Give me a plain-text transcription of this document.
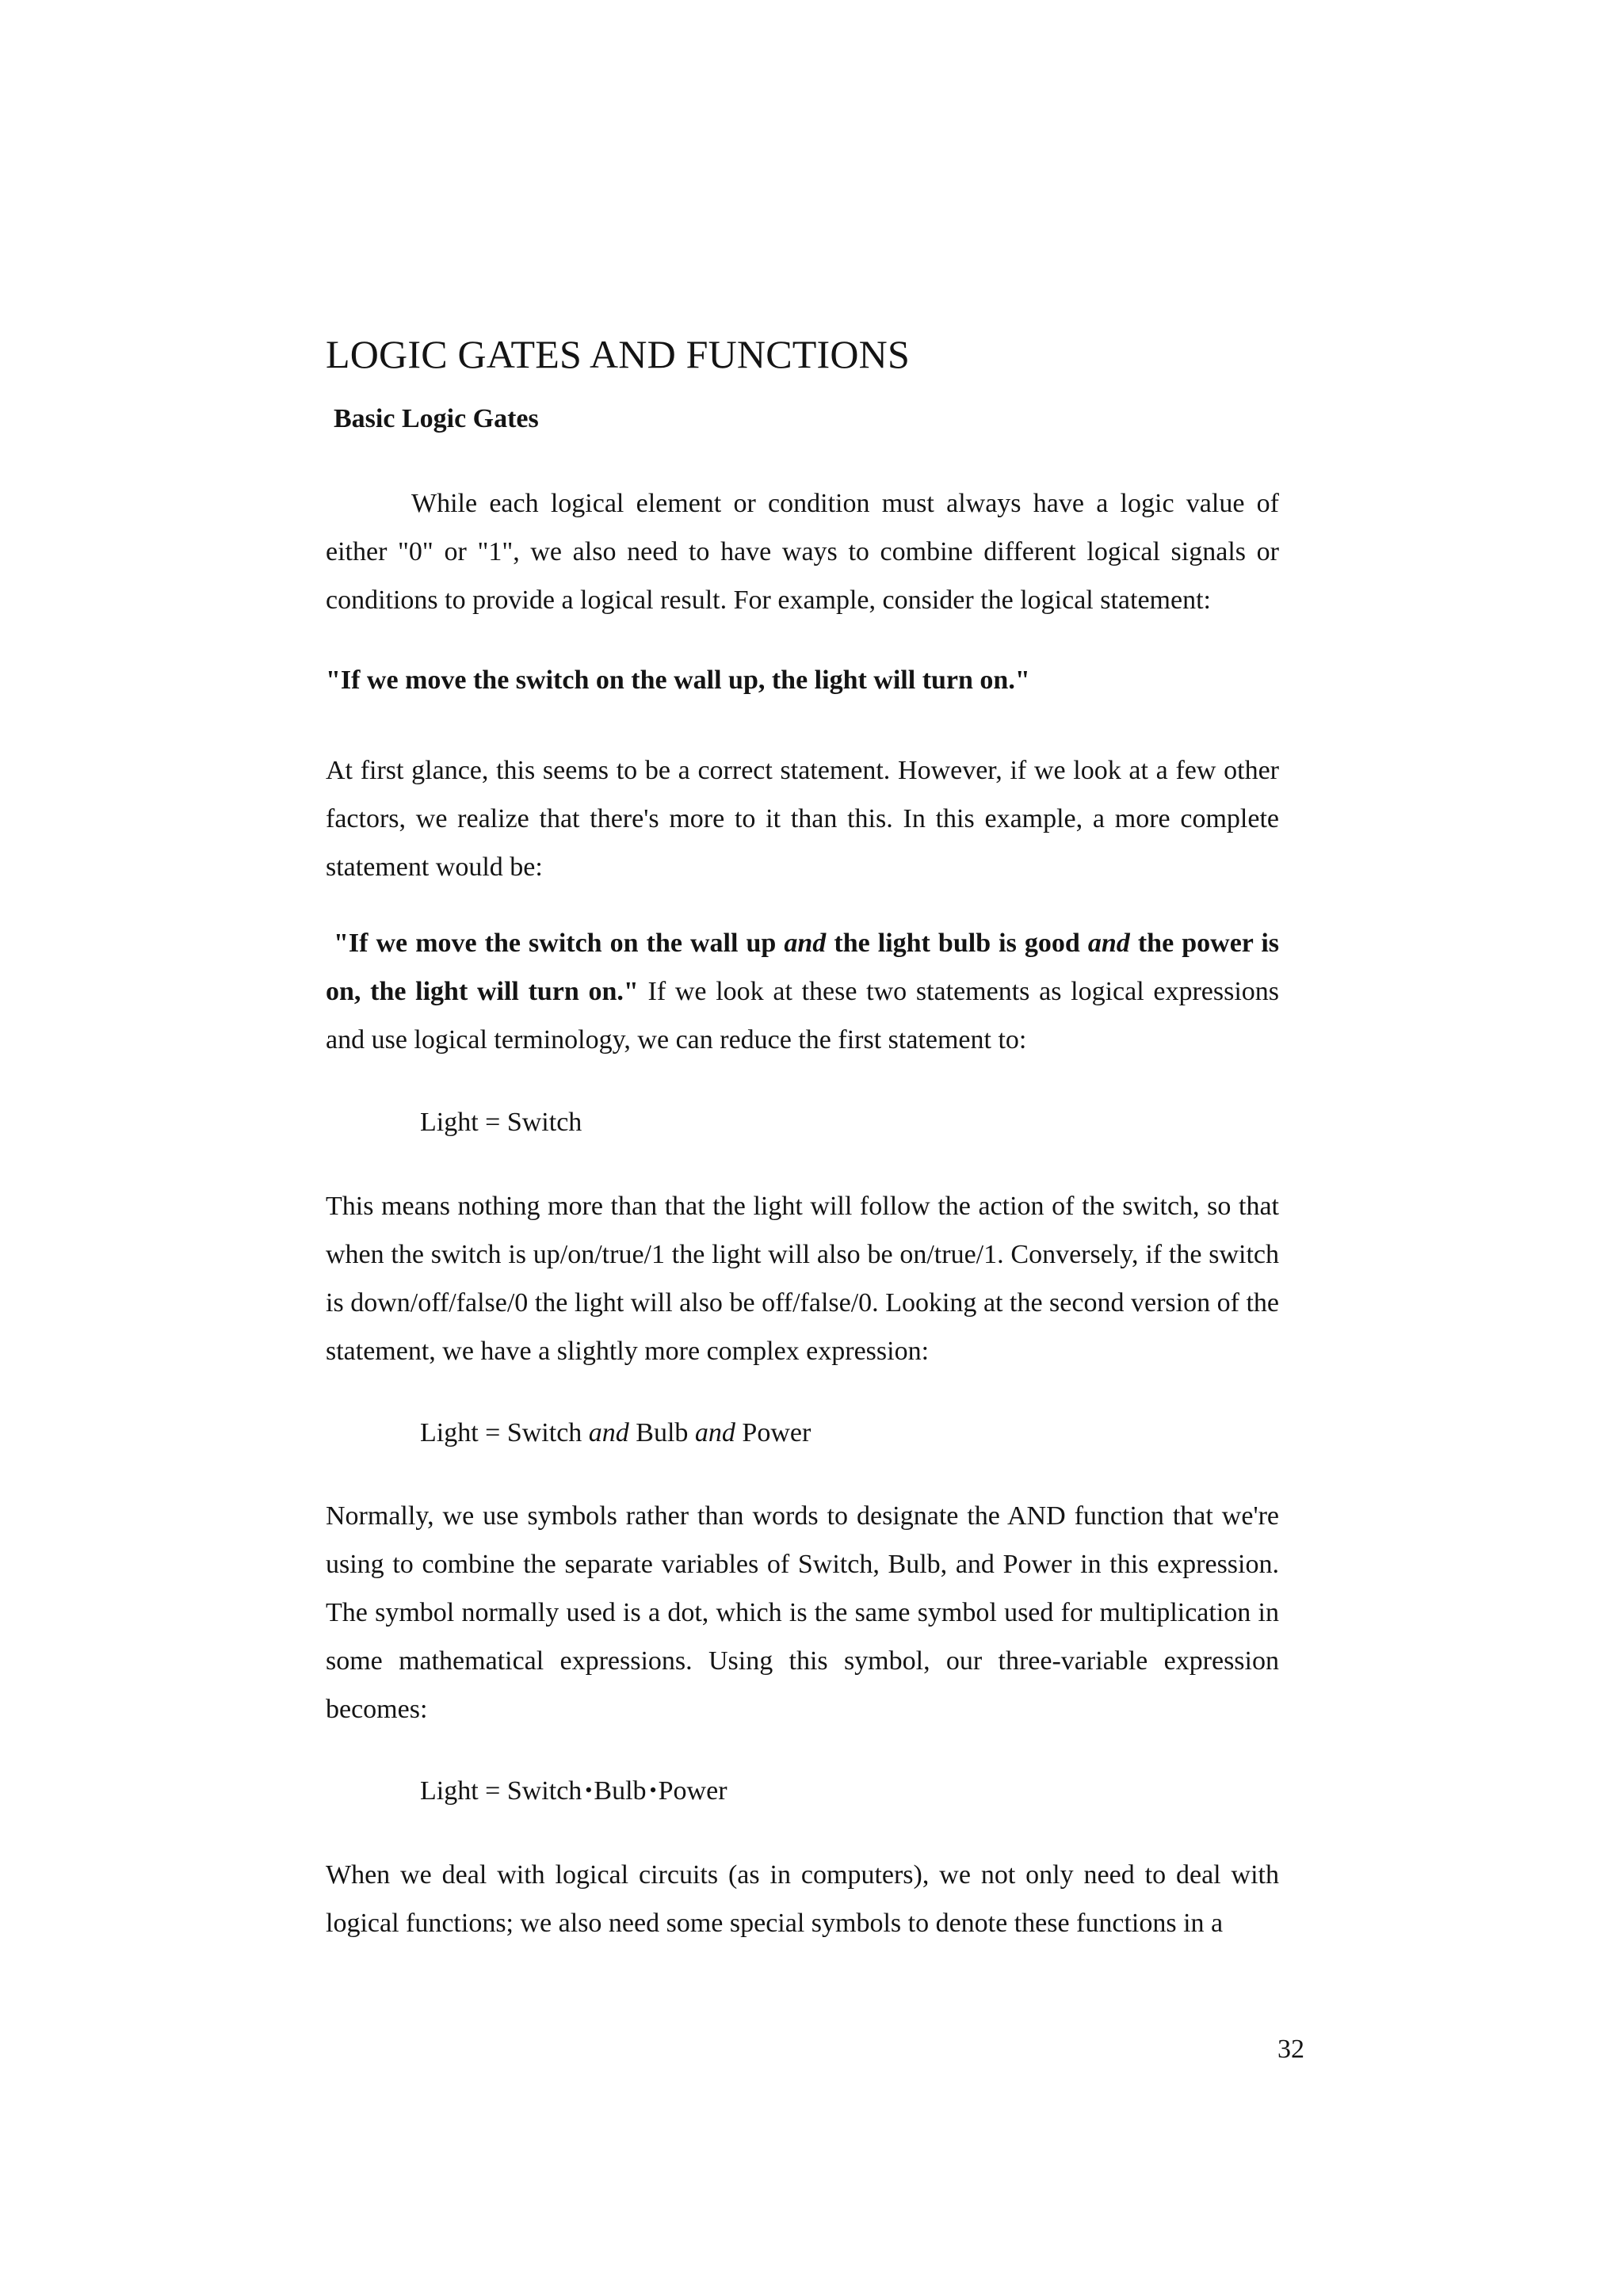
LOGIC GATES AND FUNCTIONS
Basic Logic Gates

While each logical element or condition must always have a logic value of either "0" or "1", we also need to have ways to combine different logical signals or conditions to provide a logical result. For example, consider the logical statement:

"If we move the switch on the wall up, the light will turn on."

At first glance, this seems to be a correct statement. However, if we look at a few other factors, we realize that there's more to it than this. In this example, a more complete statement would be:

"If we move the switch on the wall up and the light bulb is good and the power is on, the light will turn on." If we look at these two statements as logical expressions and use logical terminology, we can reduce the first statement to:

Light = Switch

This means nothing more than that the light will follow the action of the switch, so that when the switch is up/on/true/1 the light will also be on/true/1. Conversely, if the switch is down/off/false/0 the light will also be off/false/0. Looking at the second version of the statement, we have a slightly more complex expression:

Light = Switch and Bulb and Power

Normally, we use symbols rather than words to designate the AND function that we're using to combine the separate variables of Switch, Bulb, and Power in this expression. The symbol normally used is a dot, which is the same symbol used for multiplication in some mathematical expressions. Using this symbol, our three-variable expression becomes:

Light = Switch •Bulb •Power

When we deal with logical circuits (as in computers), we not only need to deal with logical functions; we also need some special symbols to denote these functions in a

32
